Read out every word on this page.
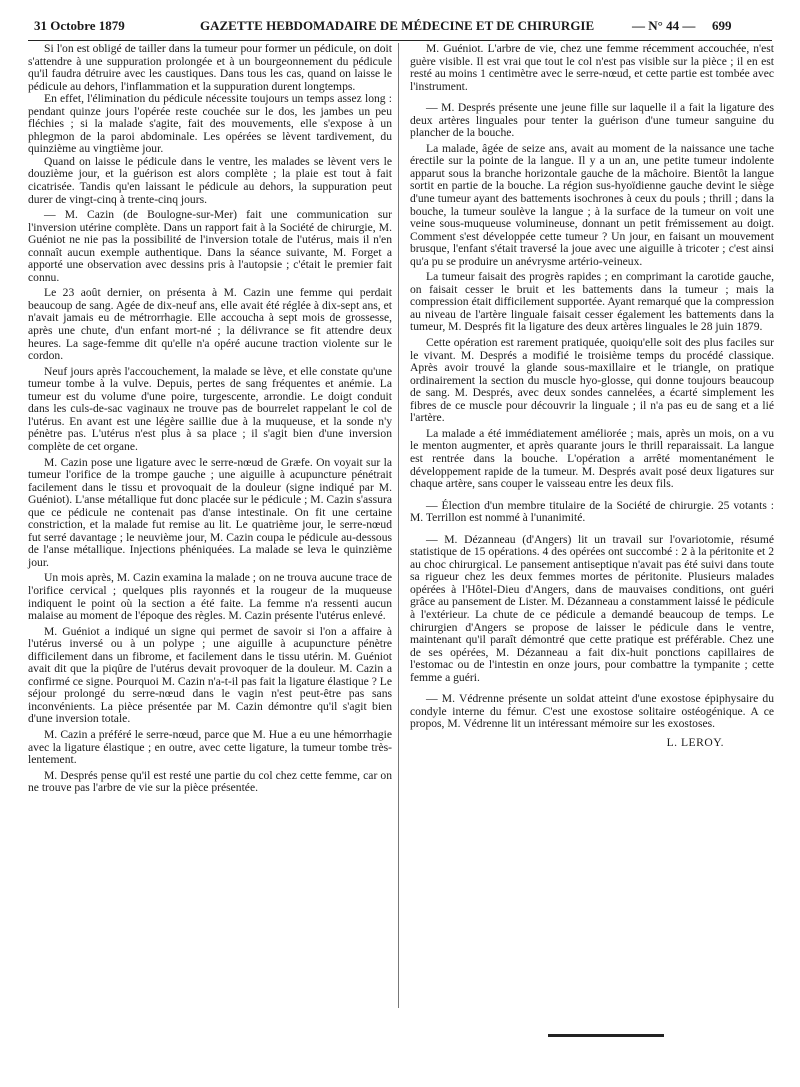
31 Octobre 1879	GAZETTE HEBDOMADAIRE DE MÉDECINE ET DE CHIRURGIE	— N° 44 — 699

Si l'on est obligé de tailler dans la tumeur pour former un pédicule, on doit s'attendre à une suppuration prolongée et à un bourgeonnement du pédicule qu'il faudra détruire avec les caustiques. Dans tous les cas, quand on laisse le pédicule au dehors, l'inflammation et la suppuration durent longtemps.

En effet, l'élimination du pédicule nécessite toujours un temps assez long : pendant quinze jours l'opérée reste couchée sur le dos, les jambes un peu fléchies ; si la malade s'agite, fait des mouvements, elle s'expose à un phlegmon de la paroi abdominale. Les opérées se lèvent tardivement, du quinzième au vingtième jour.

Quand on laisse le pédicule dans le ventre, les malades se lèvent vers le douzième jour, et la guérison est alors complète ; la plaie est tout à fait cicatrisée. Tandis qu'en laissant le pédicule au dehors, la suppuration peut durer de vingt-cinq à trente-cinq jours.

— M. Cazin (de Boulogne-sur-Mer) fait une communication sur l'inversion utérine complète. Dans un rapport fait à la Société de chirurgie, M. Guéniot ne nie pas la possibilité de l'inversion totale de l'utérus, mais il n'en connaît aucun exemple authentique. Dans la séance suivante, M. Forget a apporté une observation avec dessins pris à l'autopsie ; c'était le premier fait connu.

Le 23 août dernier, on présenta à M. Cazin une femme qui perdait beaucoup de sang. Agée de dix-neuf ans, elle avait été réglée à dix-sept ans, et n'avait jamais eu de métrorrhagie. Elle accoucha à sept mois de grossesse, après une chute, d'un enfant mort-né ; la délivrance se fit attendre deux heures. La sage-femme dit qu'elle n'a opéré aucune traction violente sur le cordon.

Neuf jours après l'accouchement, la malade se lève, et elle constate qu'une tumeur tombe à la vulve. Depuis, pertes de sang fréquentes et anémie. La tumeur est du volume d'une poire, turgescente, arrondie. Le doigt conduit dans les culs-de-sac vaginaux ne trouve pas de bourrelet rappelant le col de l'utérus. En avant est une légère saillie due à la muqueuse, et la sonde n'y pénètre pas. L'utérus n'est plus à sa place ; il s'agit bien d'une inversion complète de cet organe.

M. Cazin pose une ligature avec le serre-nœud de Græfe. On voyait sur la tumeur l'orifice de la trompe gauche ; une aiguille à acupuncture pénétrait facilement dans le tissu et provoquait de la douleur (signe indiqué par M. Guéniot). L'anse métallique fut donc placée sur le pédicule ; M. Cazin s'assura que ce pédicule ne contenait pas d'anse intestinale. On fit une certaine constriction, et la malade fut remise au lit. Le quatrième jour, le serre-nœud fut serré davantage ; le neuvième jour, M. Cazin coupa le pédicule au-dessous de l'anse métallique. Injections phéniquées. La malade se leva le quinzième jour.

Un mois après, M. Cazin examina la malade ; on ne trouva aucune trace de l'orifice cervical ; quelques plis rayonnés et la rougeur de la muqueuse indiquent le point où la section a été faite. La femme n'a ressenti aucun malaise au moment de l'époque des règles. M. Cazin présente l'utérus enlevé.

M. Guéniot a indiqué un signe qui permet de savoir si l'on a affaire à l'utérus inversé ou à un polype ; une aiguille à acupuncture pénètre difficilement dans un fibrome, et facilement dans le tissu utérin. M. Guéniot avait dit que la piqûre de l'utérus devait provoquer de la douleur. M. Cazin a confirmé ce signe. Pourquoi M. Cazin n'a-t-il pas fait la ligature élastique ? Le séjour prolongé du serre-nœud dans le vagin n'est peut-être pas sans inconvénients. La pièce présentée par M. Cazin démontre qu'il s'agit bien d'une inversion totale.

M. Cazin a préféré le serre-nœud, parce que M. Hue a eu une hémorrhagie avec la ligature élastique ; en outre, avec cette ligature, la tumeur tombe très-lentement.

M. Després pense qu'il est resté une partie du col chez cette femme, car on ne trouve pas l'arbre de vie sur la pièce présentée.

M. Guéniot. L'arbre de vie, chez une femme récemment accouchée, n'est guère visible. Il est vrai que tout le col n'est pas visible sur la pièce ; il en est resté au moins 1 centimètre avec le serre-nœud, et cette partie est tombée avec l'instrument.

— M. Després présente une jeune fille sur laquelle il a fait la ligature des deux artères linguales pour tenter la guérison d'une tumeur sanguine du plancher de la bouche.

La malade, âgée de seize ans, avait au moment de la naissance une tache érectile sur la pointe de la langue. Il y a un an, une petite tumeur indolente apparut sous la branche horizontale gauche de la mâchoire. Bientôt la langue sortit en partie de la bouche. La région sus-hyoïdienne gauche devint le siège d'une tumeur ayant des battements isochrones à ceux du pouls ; thrill ; dans la bouche, la tumeur soulève la langue ; à la surface de la tumeur on voit une veine sous-muqueuse volumineuse, donnant un petit frémissement au doigt. Comment s'est développée cette tumeur ? Un jour, en faisant un mouvement brusque, l'enfant s'était traversé la joue avec une aiguille à tricoter ; c'est ainsi qu'a pu se produire un anévrysme artério-veineux.

La tumeur faisait des progrès rapides ; en comprimant la carotide gauche, on faisait cesser le bruit et les battements dans la tumeur ; mais la compression était difficilement supportée. Ayant remarqué que la compression au niveau de l'artère linguale faisait cesser également les battements dans la tumeur, M. Després fit la ligature des deux artères linguales le 28 juin 1879.

Cette opération est rarement pratiquée, quoiqu'elle soit des plus faciles sur le vivant. M. Després a modifié le troisième temps du procédé classique. Après avoir trouvé la glande sous-maxillaire et le triangle, on pratique ordinairement la section du muscle hyo-glosse, qui donne toujours beaucoup de sang. M. Després, avec deux sondes cannelées, a écarté simplement les fibres de ce muscle pour découvrir la linguale ; il n'a pas eu de sang et a lié l'artère.

La malade a été immédiatement améliorée ; mais, après un mois, on a vu le menton augmenter, et après quarante jours le thrill reparaissait. La langue est rentrée dans la bouche. L'opération a arrêté momentanément le développement rapide de la tumeur. M. Després avait posé deux ligatures sur chaque artère, sans couper le vaisseau entre les deux fils.

— Élection d'un membre titulaire de la Société de chirurgie. 25 votants : M. Terrillon est nommé à l'unanimité.

— M. Dézanneau (d'Angers) lit un travail sur l'ovariotomie, résumé statistique de 15 opérations. 4 des opérées ont succombé : 2 à la péritonite et 2 au choc chirurgical. Le pansement antiseptique n'avait pas été suivi dans toute sa rigueur chez les deux femmes mortes de péritonite. Plusieurs malades opérées à l'Hôtel-Dieu d'Angers, dans de mauvaises conditions, ont guéri grâce au pansement de Lister. M. Dézanneau a constamment laissé le pédicule à l'extérieur. La chute de ce pédicule a demandé beaucoup de temps. Le chirurgien d'Angers se propose de laisser le pédicule dans le ventre, maintenant qu'il paraît démontré que cette pratique est préférable. Chez une de ses opérées, M. Dézanneau a fait dix-huit ponctions capillaires de l'estomac ou de l'intestin en onze jours, pour combattre la tympanite ; cette femme a guéri.

— M. Védrenne présente un soldat atteint d'une exostose épiphysaire du condyle interne du fémur. C'est une exostose solitaire ostéogénique. A ce propos, M. Védrenne lit un intéressant mémoire sur les exostoses.

L. LEROY.
